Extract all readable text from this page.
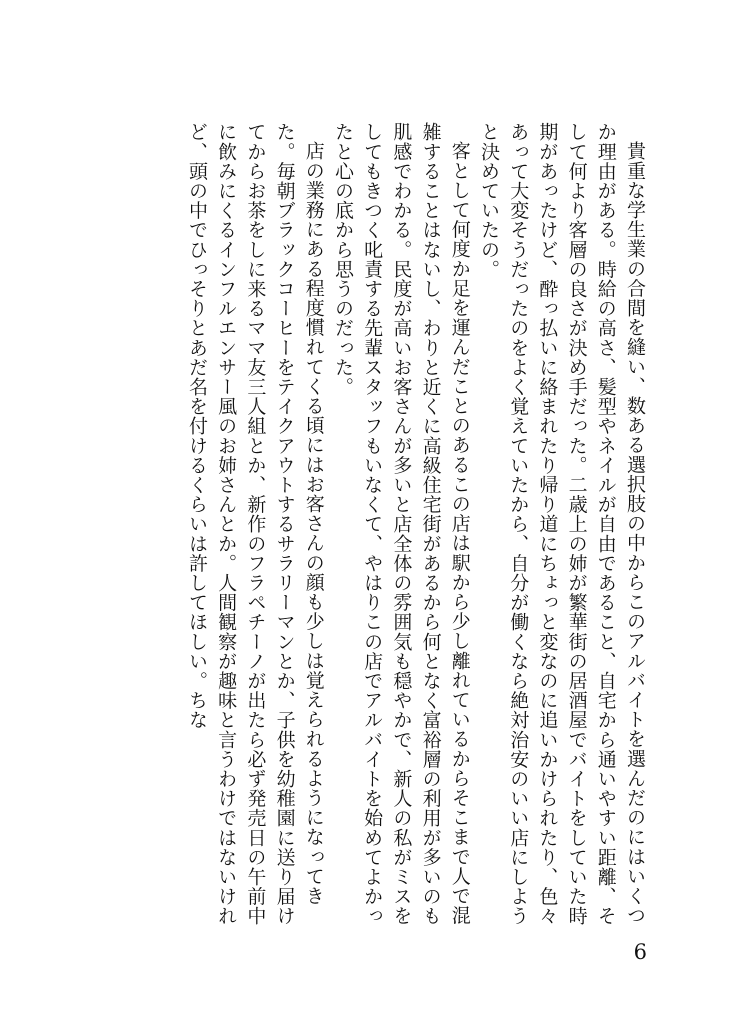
貴重な学生業の合間を縫い、数ある選択肢の中からこのアルバイトを選んだのにはいくつか理由がある。時給の高さ、髪型やネイルが自由であること、自宅から通いやすい距離、そして何より客層の良さが決め手だった。二歳上の姉が繁華街の居酒屋でバイトをしていた時期があったけど、酔っ払いに絡まれたり帰り道にちょっと変なのに追いかけられたり、色々あって大変そうだったのをよく覚えていたから、自分が働くなら絶対治安のいい店にしようと決めていたの。

客として何度か足を運んだことのあるこの店は駅から少し離れているからそこまで人で混雑することはないし、わりと近くに高級住宅街があるから何となく富裕層の利用が多いのも肌感でわかる。民度が高いお客さんが多いと店全体の雰囲気も穏やかで、新人の私がミスをしてもきつく叱責する先輩スタッフもいなくて、やはりこの店でアルバイトを始めてよかったと心の底から思うのだった。

店の業務にある程度慣れてくる頃にはお客さんの顔も少しは覚えられるようになってきた。毎朝ブラックコーヒーをテイクアウトするサラリーマンとか、子供を幼稚園に送り届けてからお茶をしに来るママ友三人組とか、新作のフラペチーノが出たら必ず発売日の午前中に飲みにくるインフルエンサー風のお姉さんとか。人間観察が趣味と言うわけではないけれど、頭の中でひっそりとあだ名を付けるくらいは許してほしい。ちな

6
